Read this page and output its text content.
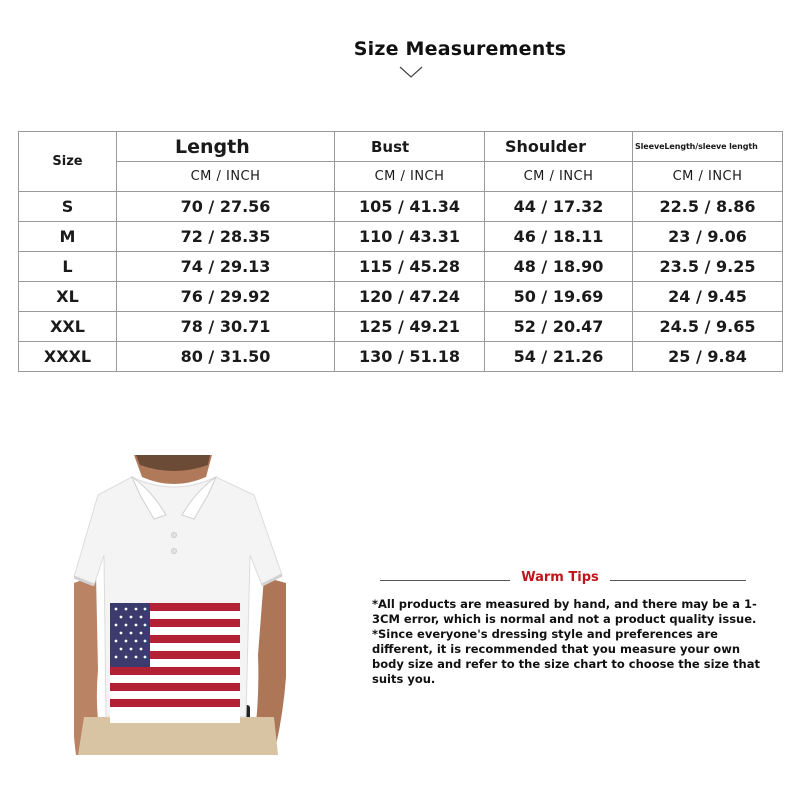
Size Measurements
Size	Length	Bust	Shoulder	SleeveLength/sleeve length
	CM / INCH	CM / INCH	CM / INCH	CM / INCH
S	70 / 27.56	105 / 41.34	44 / 17.32	22.5 / 8.86
M	72 / 28.35	110 / 43.31	46 / 18.11	23 / 9.06
L	74 / 29.13	115 / 45.28	48 / 18.90	23.5 / 9.25
XL	76 / 29.92	120 / 47.24	50 / 19.69	24 / 9.45
XXL	78 / 30.71	125 / 49.21	52 / 20.47	24.5 / 9.65
XXXL	80 / 31.50	130 / 51.18	54 / 21.26	25 / 9.84
Warm Tips
*All products are measured by hand, and there may be a 1-3CM error, which is normal and not a product quality issue. *Since everyone's dressing style and preferences are different, it is recommended that you measure your own body size and refer to the size chart to choose the size that suits you.
